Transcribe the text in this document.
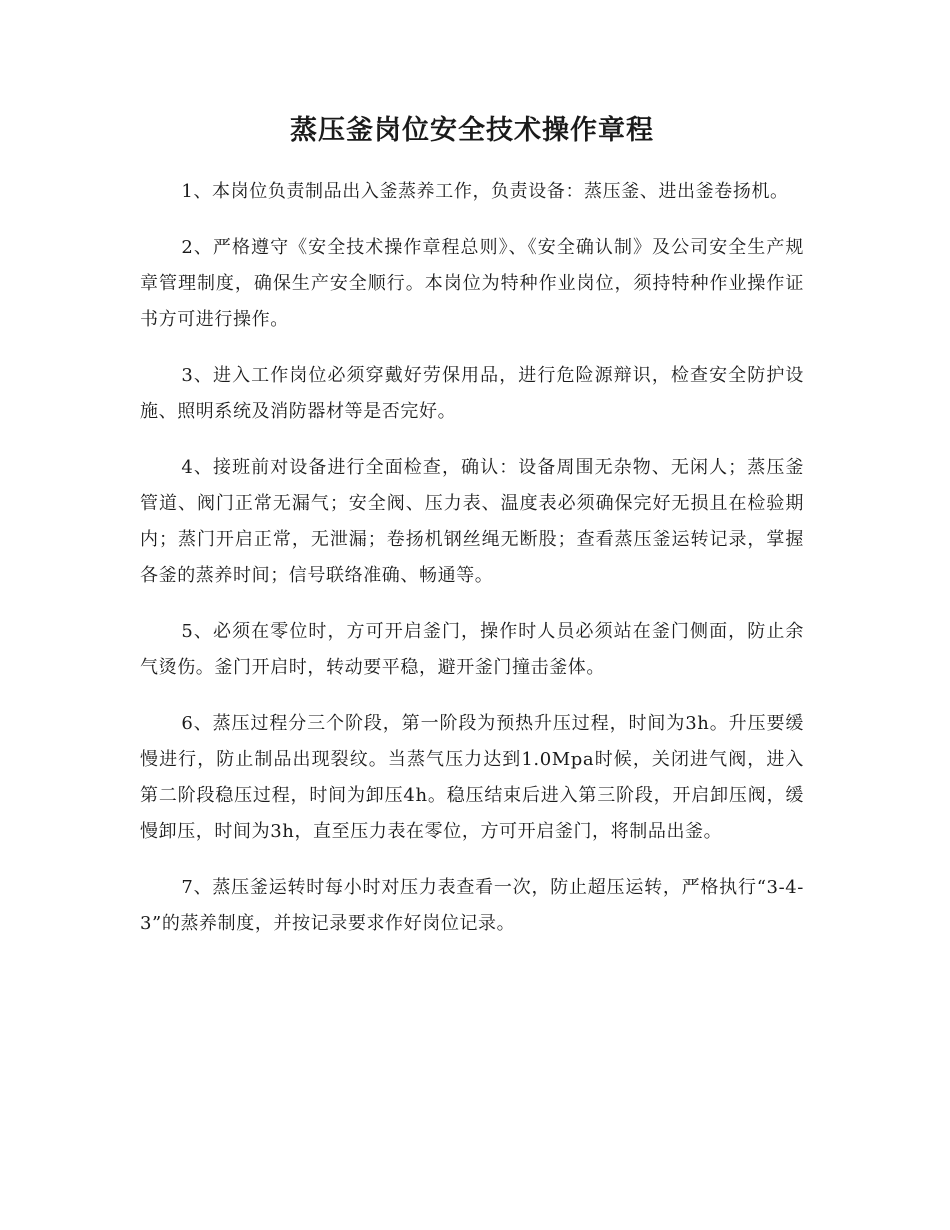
蒸压釜岗位安全技术操作章程

1、本岗位负责制品出入釜蒸养工作，负责设备：蒸压釜、进出釜卷扬机。

2、严格遵守《安全技术操作章程总则》、《安全确认制》及公司安全生产规章管理制度，确保生产安全顺行。本岗位为特种作业岗位，须持特种作业操作证书方可进行操作。

3、进入工作岗位必须穿戴好劳保用品，进行危险源辩识，检查安全防护设施、照明系统及消防器材等是否完好。

4、接班前对设备进行全面检查，确认：设备周围无杂物、无闲人；蒸压釜管道、阀门正常无漏气；安全阀、压力表、温度表必须确保完好无损且在检验期内；蒸门开启正常，无泄漏；卷扬机钢丝绳无断股；查看蒸压釜运转记录，掌握各釜的蒸养时间；信号联络准确、畅通等。

5、必须在零位时，方可开启釜门，操作时人员必须站在釜门侧面，防止余气烫伤。釜门开启时，转动要平稳，避开釜门撞击釜体。

6、蒸压过程分三个阶段，第一阶段为预热升压过程，时间为3h。升压要缓慢进行，防止制品出现裂纹。当蒸气压力达到1.0Mpa时候，关闭进气阀，进入第二阶段稳压过程，时间为卸压4h。稳压结束后进入第三阶段，开启卸压阀，缓慢卸压，时间为3h，直至压力表在零位，方可开启釜门，将制品出釜。

7、蒸压釜运转时每小时对压力表查看一次，防止超压运转，严格执行“3-4-3”的蒸养制度，并按记录要求作好岗位记录。
